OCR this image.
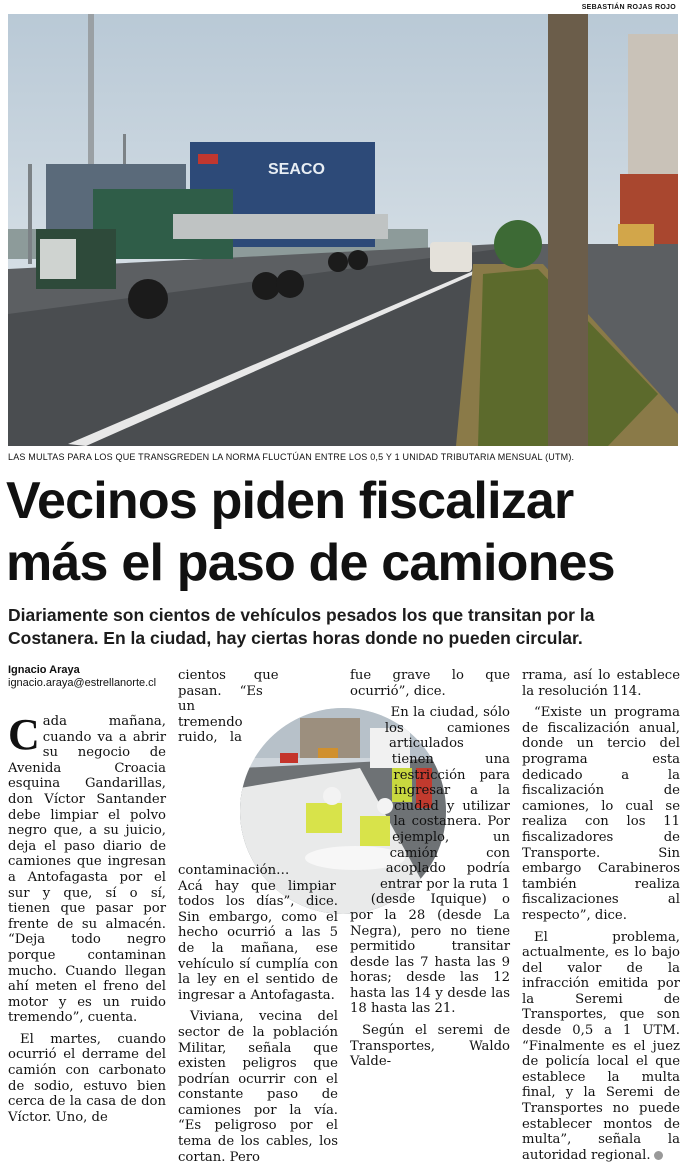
SEBASTIÁN ROJAS ROJO
SEACO
LAS MULTAS PARA LOS QUE TRANSGREDEN LA NORMA FLUCTÚAN ENTRE LOS 0,5 Y 1 UNIDAD TRIBUTARIA MENSUAL (UTM).
Vecinos piden fiscalizar
más el paso de camiones

Diariamente son cientos de vehículos pesados los que transitan por la Costanera. En la ciudad, hay ciertas horas donde no pueden circular.

Ignacio Araya
ignacio.araya@estrellanorte.cl

Cada mañana, cuando va a abrir su negocio de Avenida Croacia esquina Gandarillas, don Víctor Santander debe limpiar el polvo negro que, a su juicio, deja el paso diario de camiones que ingresan a Antofagasta por el sur y que, sí o sí, tienen que pasar por frente de su almacén. “Deja todo negro porque contaminan mucho. Cuando llegan ahí meten el freno del motor y es un ruido tremendo”, cuenta.

El martes, cuando ocurrió el derrame del camión con carbonato de sodio, estuvo bien cerca de la casa de don Víctor. Uno, de

cientos que pasan. “Es un tremendo ruido, la contaminación… Acá hay que limpiar todos los días”, dice. Sin embargo, como el hecho ocurrió a las 5 de la mañana, ese vehículo sí cumplía con la ley en el sentido de ingresar a Antofagasta.

Viviana, vecina del sector de la población Militar, señala que existen peligros que podrían ocurrir con el constante paso de camiones por la vía. “Es peligroso por el tema de los cables, los cortan. Pero

fue grave lo que ocurrió”, dice.

En la ciudad, sólo los camiones articulados tienen una restricción para ingresar a la ciudad y utilizar la costanera. Por ejemplo, un camión con acoplado podría entrar por la ruta 1 (desde Iquique) o por la 28 (desde La Negra), pero no tiene permitido transitar desde las 7 hasta las 9 horas; desde las 12 hasta las 14 y desde las 18 hasta las 21.

Según el seremi de Transportes, Waldo Valde-

rrama, así lo establece la resolución 114.

“Existe un programa de fiscalización anual, donde un tercio del programa esta dedicado a la fiscalización de camiones, lo cual se realiza con los 11 fiscalizadores de Transporte. Sin embargo Carabineros también realiza fiscalizaciones al respecto”, dice.

El problema, actualmente, es lo bajo del valor de la infracción emitida por la Seremi de Transportes, que son desde 0,5 a 1 UTM. “Finalmente es el juez de policía local el que establece la multa final, y la Seremi de Transportes no puede establecer montos de multa”, señala la autoridad regional.
